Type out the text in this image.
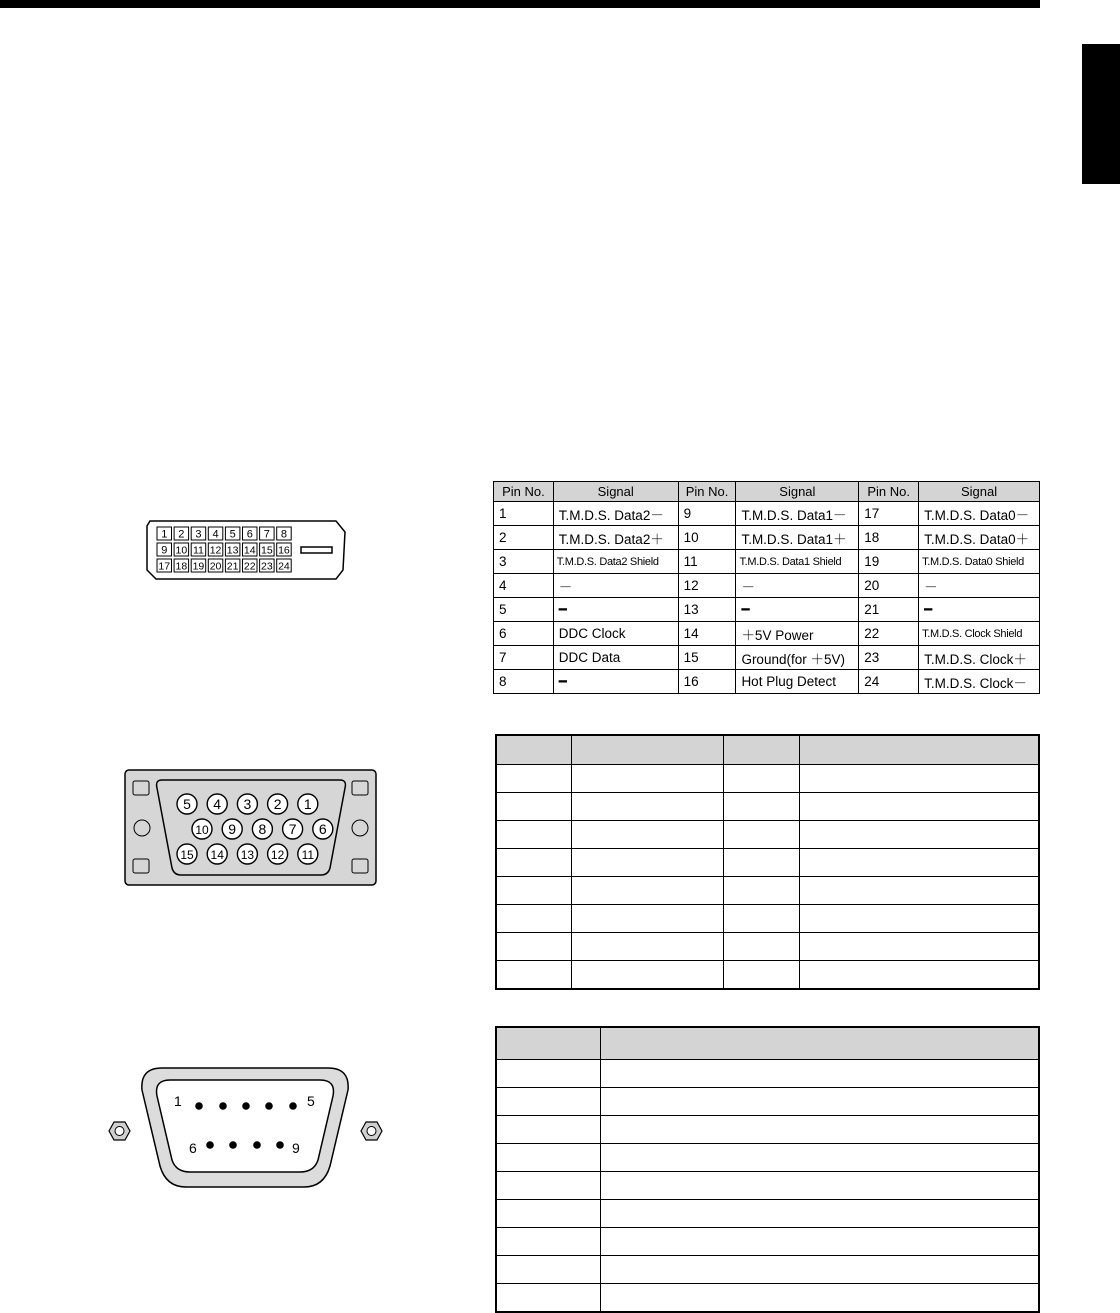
1 2 3 4 5 6 7 8
9 10 11 12 13 14 15 16
17 18 19 20 21 22 23 24
5 4 3 2 1
10 9 8 7 6
15 14 13 12 11
1	5
6	9
Pin No.	Signal	Pin No.	Signal	Pin No.	Signal
1	T.M.D.S. Data2－	9	T.M.D.S. Data1－	17	T.M.D.S. Data0－
2	T.M.D.S. Data2＋	10	T.M.D.S. Data1＋	18	T.M.D.S. Data0＋
3	T.M.D.S. Data2 Shield	11	T.M.D.S. Data1 Shield	19	T.M.D.S. Data0 Shield
4	－	12	－	20	－
5	━	13	━	21	━
6	DDC Clock	14	＋5V Power	22	T.M.D.S. Clock Shield
7	DDC Data	15	Ground(for ＋5V)	23	T.M.D.S. Clock＋
8	━	16	Hot Plug Detect	24	T.M.D.S. Clock－
